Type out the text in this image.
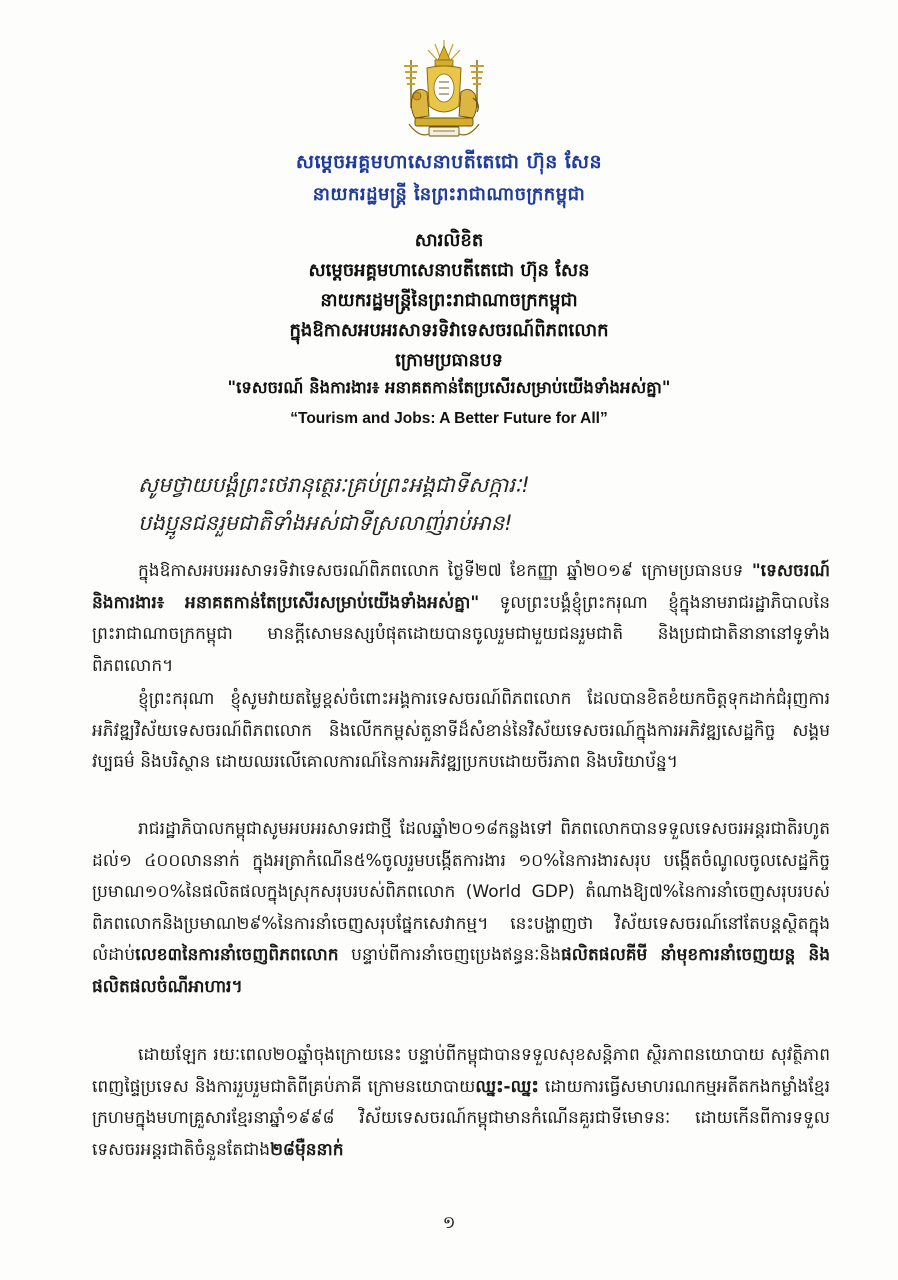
សម្តេចអគ្គមហាសេនាបតីតេជោ ហ៊ុន សែន
នាយករដ្ឋមន្ត្រី នៃព្រះរាជាណាចក្រកម្ពុជា
សារលិខិត
សម្តេចអគ្គមហាសេនាបតីតេជោ ហ៊ុន សែន
នាយករដ្ឋមន្ត្រីនៃព្រះរាជាណាចក្រកម្ពុជា
ក្នុងឱកាសអបអរសាទរទិវាទេសចរណ៍ពិភពលោក
ក្រោមប្រធានបទ
"ទេសចរណ៍ និងការងារ៖ អនាគតកាន់តែប្រសើរសម្រាប់យើងទាំងអស់គ្នា"
“Tourism and Jobs: A Better Future for All”
សូមថ្វាយបង្គំព្រះថេរានុត្ថេរៈគ្រប់ព្រះអង្គជាទីសក្ការៈ!
បងប្អូនជនរួមជាតិទាំងអស់ជាទីស្រលាញ់រាប់អាន!
ក្នុងឱកាសអបអរសាទរទិវាទេសចរណ៍ពិភពលោក ថ្ងៃទី២៧ ខែកញ្ញា ឆ្នាំ២០១៩ ក្រោមប្រធានបទ "ទេសចរណ៍ និងការងារ៖ អនាគតកាន់តែប្រសើរសម្រាប់យើងទាំងអស់គ្នា" ទូលព្រះបង្គំខ្ញុំព្រះករុណា ខ្ញុំក្នុងនាមរាជរដ្ឋាភិបាលនៃព្រះរាជាណាចក្រកម្ពុជា មានក្តីសោមនស្សបំផុតដោយបានចូលរួមជាមួយជនរួមជាតិ និងប្រជាជាតិនានានៅទូទាំងពិភពលោក។
ខ្ញុំព្រះករុណា ខ្ញុំសូមវាយតម្លៃខ្ពស់ចំពោះអង្គការទេសចរណ៍ពិភពលោក ដែលបានខិតខំយកចិត្តទុកដាក់ជំរុញការអភិវឌ្ឍវិស័យទេសចរណ៍ពិភពលោក និងលើកកម្ពស់តួនាទីដ៏សំខាន់នៃវិស័យទេសចរណ៍ក្នុងការអភិវឌ្ឍសេដ្ឋកិច្ច សង្គម វប្បធម៌ និងបរិស្ថាន ដោយឈរលើគោលការណ៍នៃការអភិវឌ្ឍប្រកបដោយចីរភាព និងបរិយាប័ន្ន។
រាជរដ្ឋាភិបាលកម្ពុជាសូមអបអរសាទរជាថ្មី ដែលឆ្នាំ២០១៨កន្លងទៅ ពិភពលោកបានទទួលទេសចរអន្តរជាតិរហូតដល់១ ៤០០លាននាក់ ក្នុងអត្រាកំណើន៥%ចូលរួមបង្កើតការងារ ១០%នៃការងារសរុប បង្កើតចំណូលចូលសេដ្ឋកិច្ចប្រមាណ១០%នៃផលិតផលក្នុងស្រុកសរុបរបស់ពិភពលោក (World GDP) តំណាងឱ្យ៧%នៃការនាំចេញសរុបរបស់ពិភពលោកនិងប្រមាណ២៩%នៃការនាំចេញសរុបផ្នែកសេវាកម្ម។ នេះបង្ហាញថា វិស័យទេសចរណ៍នៅតែបន្តស្ថិតក្នុងលំដាប់លេខ៣នៃការនាំចេញពិភពលោក បន្ទាប់ពីការនាំចេញប្រេងឥន្ធនៈនិងផលិតផលគីមី នាំមុខការនាំចេញយន្ត និងផលិតផលចំណីអាហារ។
ដោយឡែក រយៈពេល២០ឆ្នាំចុងក្រោយនេះ បន្ទាប់ពីកម្ពុជាបានទទួលសុខសន្តិភាព ស្ថិរភាពនយោបាយ សុវត្ថិភាពពេញផ្ទៃប្រទេស និងការរួបរួមជាតិពីគ្រប់ភាគី ក្រោមនយោបាយឈ្នះ-ឈ្នះ ដោយការធ្វើសមាហរណកម្មអតីតកងកម្លាំងខ្មែរក្រហមក្នុងមហាគ្រួសារខ្មែរនាឆ្នាំ១៩៩៨ វិស័យទេសចរណ៍កម្ពុជាមានកំណើនគួរជាទីមោទនៈ ដោយកើនពីការទទួលទេសចរអន្តរជាតិចំនួនតែជាង២៨ម៉ឺននាក់
១
